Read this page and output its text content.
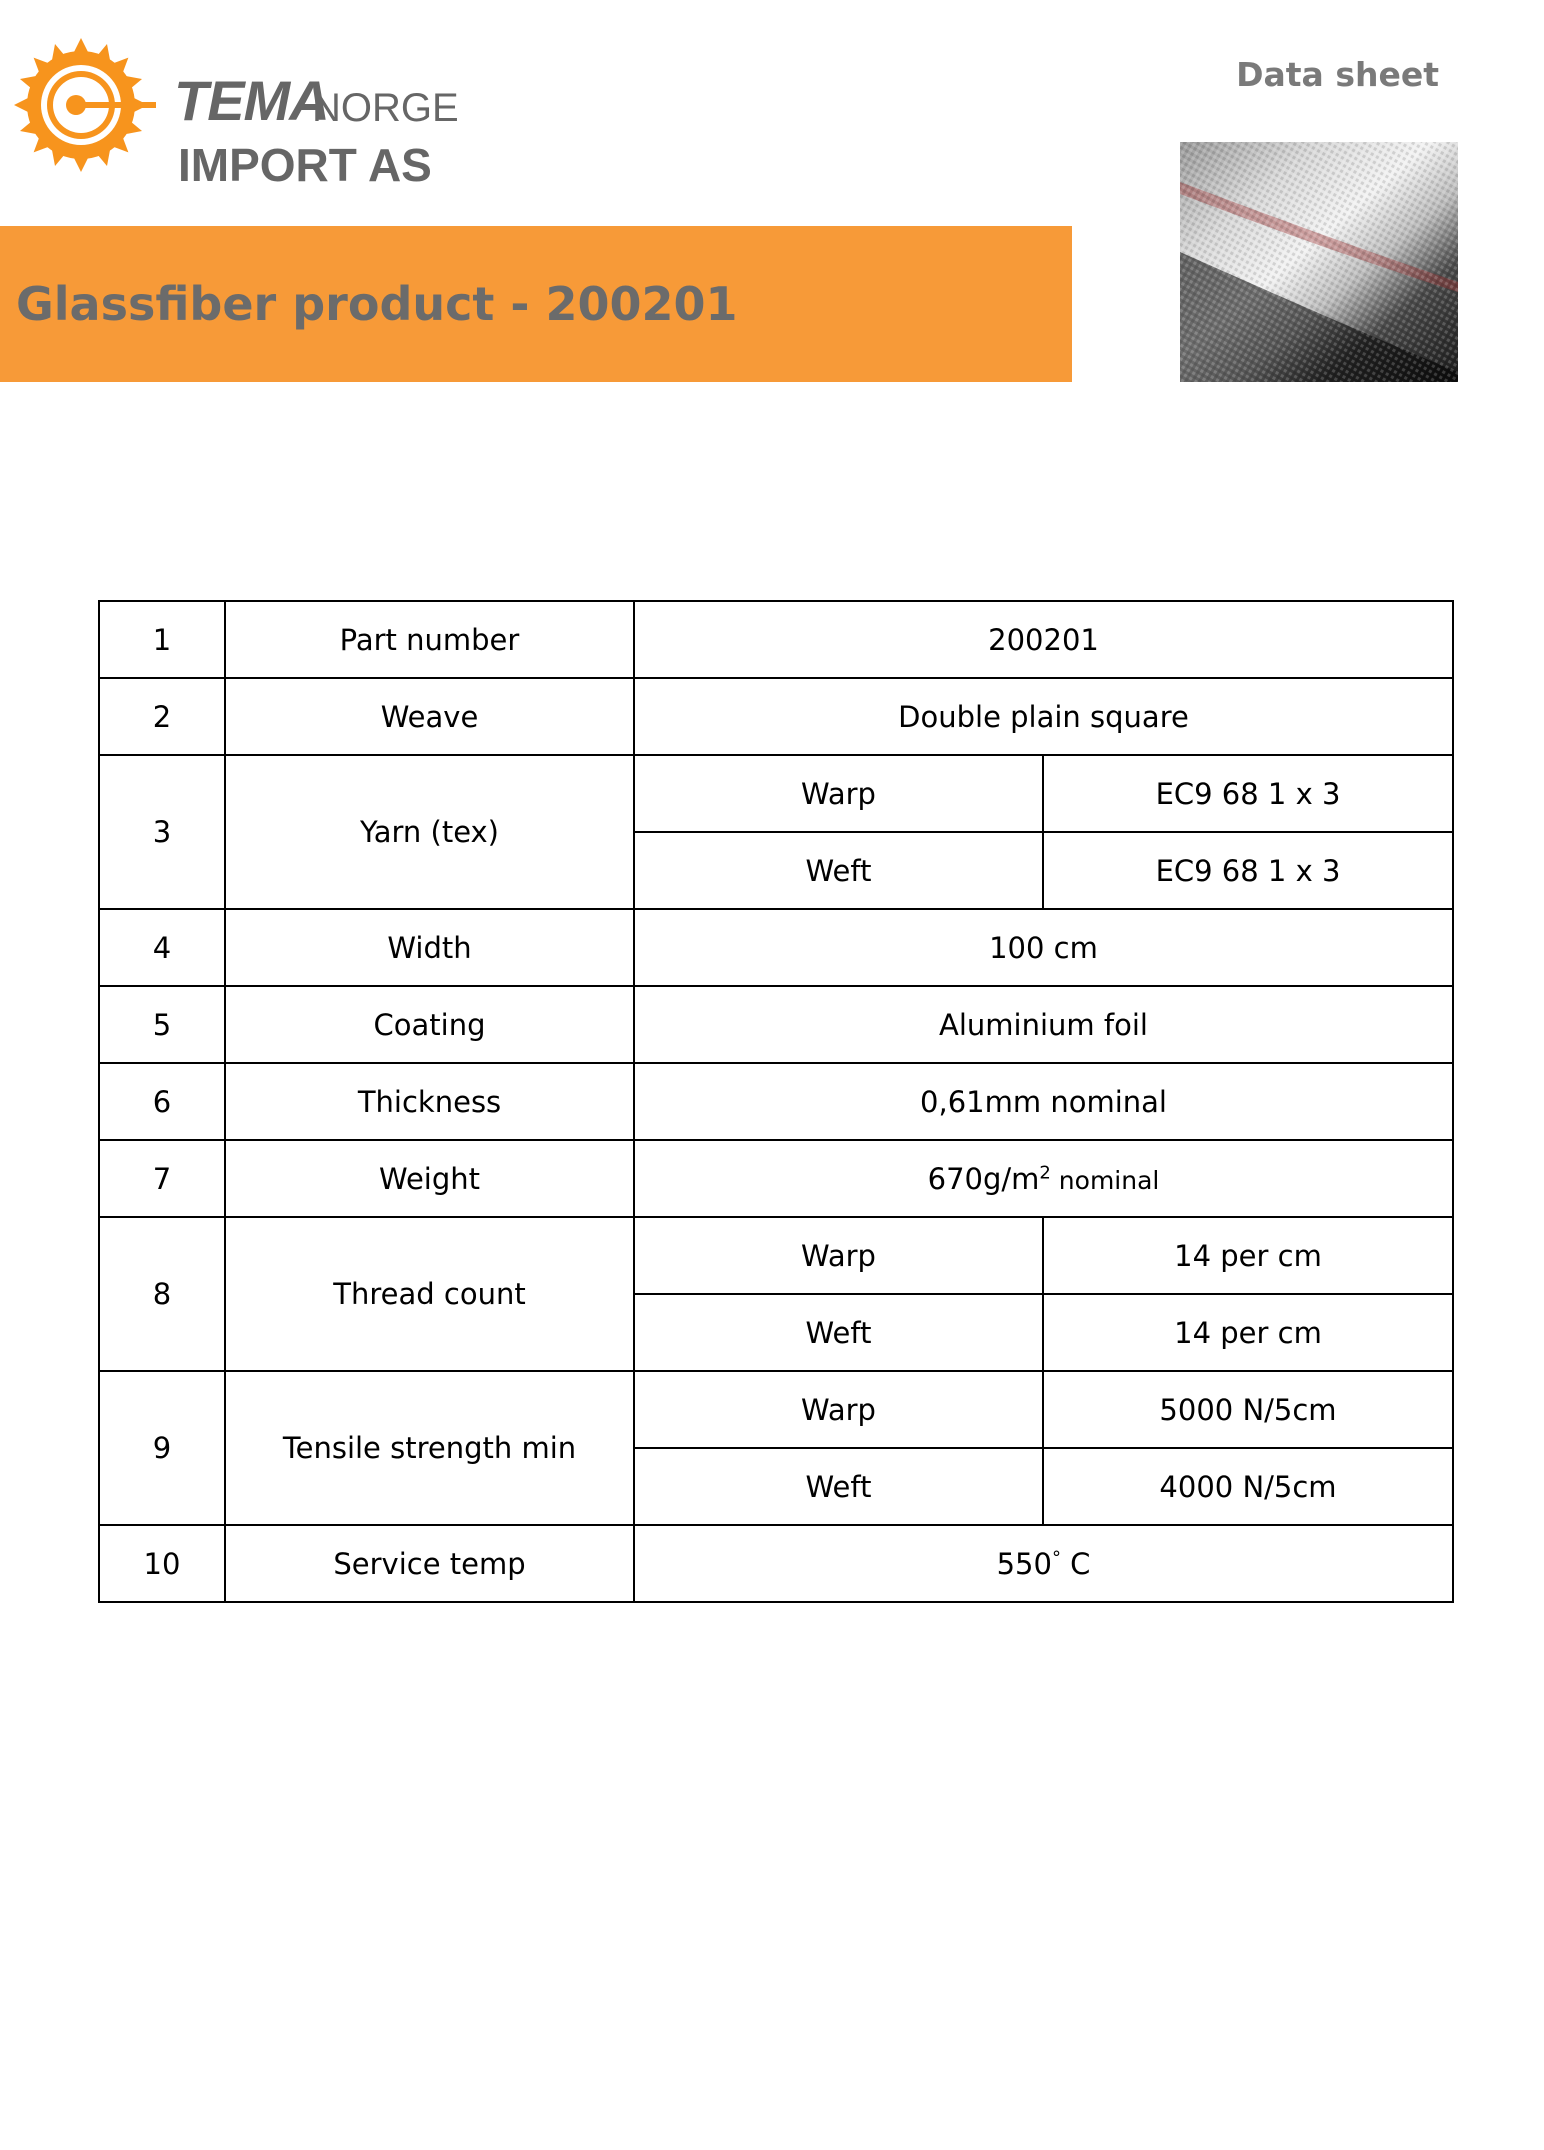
TEMA
NORGE
IMPORT AS
Data sheet
Glassfiber product - 200201
1	Part number	200201	
2	Weave	Double plain square	
3	Yarn (tex)	Warp	EC9 68 1 x 3
		Weft	EC9 68 1 x 3
4	Width	100 cm	
5	Coating	Aluminium foil	
6	Thickness	0,61mm nominal	
7	Weight	$670g/m^2$ nominal	
8	Thread count	Warp	14 per cm
		Weft	14 per cm
9	Tensile strength min	Warp	5000 N/5cm
		Weft	4000 N/5cm
10	Service temp	550° C	
